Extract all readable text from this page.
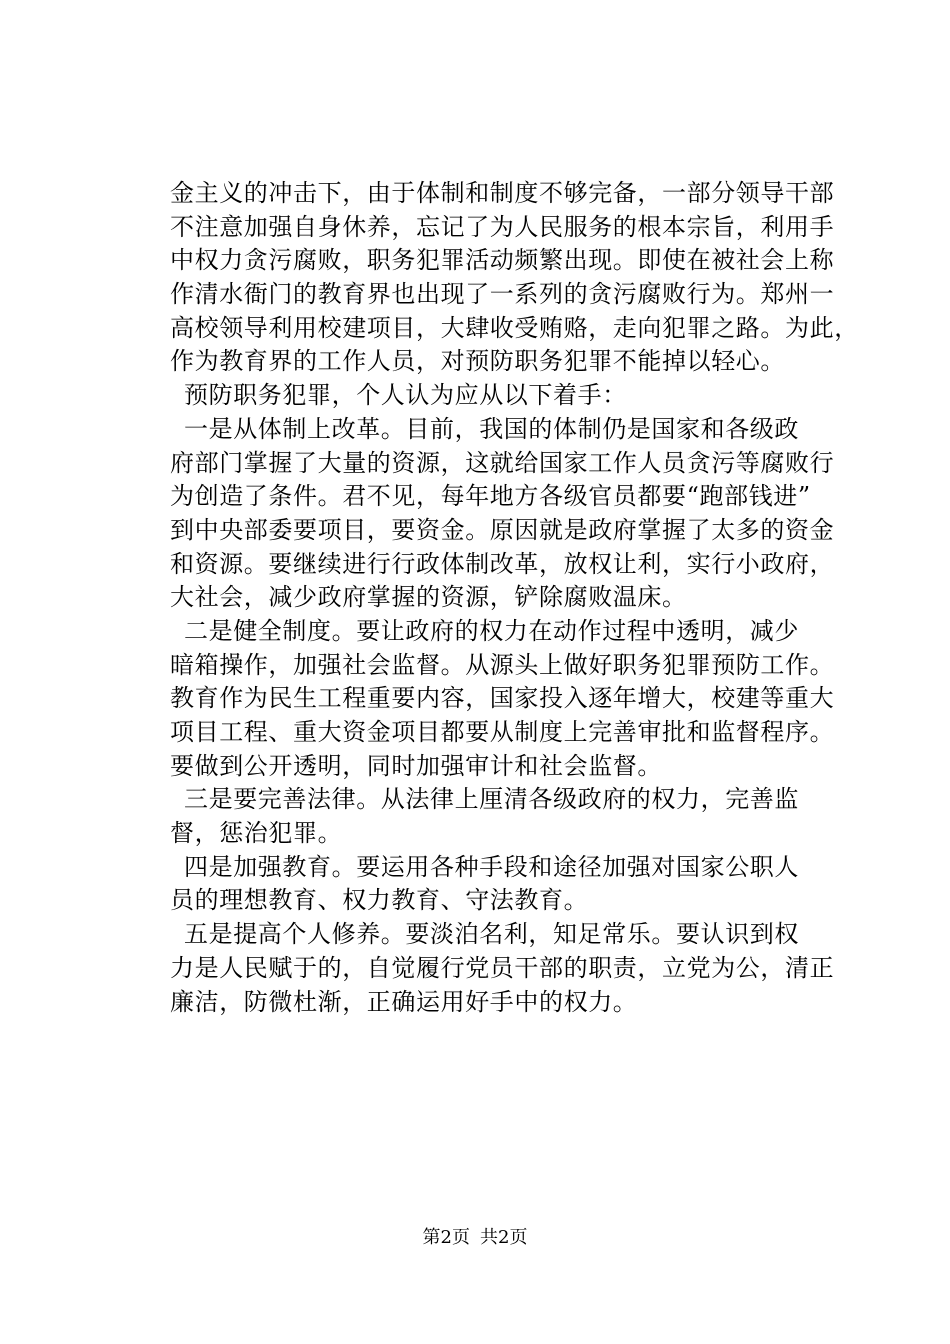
金主义的冲击下，由于体制和制度不够完备，一部分领导干部
不注意加强自身休养，忘记了为人民服务的根本宗旨，利用手
中权力贪污腐败，职务犯罪活动频繁出现。即使在被社会上称
作清水衙门的教育界也出现了一系列的贪污腐败行为。郑州一
高校领导利用校建项目，大肆收受贿赂，走向犯罪之路。为此，
作为教育界的工作人员，对预防职务犯罪不能掉以轻心。
预防职务犯罪，个人认为应从以下着手：
一是从体制上改革。目前，我国的体制仍是国家和各级政
府部门掌握了大量的资源，这就给国家工作人员贪污等腐败行
为创造了条件。君不见，每年地方各级官员都要“跑部钱进”
到中央部委要项目，要资金。原因就是政府掌握了太多的资金
和资源。要继续进行行政体制改革，放权让利，实行小政府，
大社会，减少政府掌握的资源，铲除腐败温床。
二是健全制度。要让政府的权力在动作过程中透明，减少
暗箱操作，加强社会监督。从源头上做好职务犯罪预防工作。
教育作为民生工程重要内容，国家投入逐年增大，校建等重大
项目工程、重大资金项目都要从制度上完善审批和监督程序。
要做到公开透明，同时加强审计和社会监督。
三是要完善法律。从法律上厘清各级政府的权力，完善监
督，惩治犯罪。
四是加强教育。要运用各种手段和途径加强对国家公职人
员的理想教育、权力教育、守法教育。
五是提高个人修养。要淡泊名利，知足常乐。要认识到权
力是人民赋于的，自觉履行党员干部的职责，立党为公，清正
廉洁，防微杜渐，正确运用好手中的权力。
第2页 共2页
